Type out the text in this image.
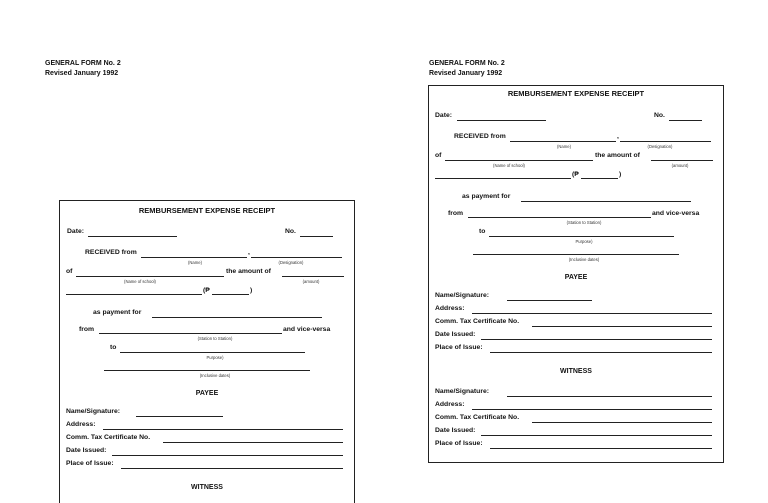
GENERAL FORM No. 2
Revised January 1992
REMBURSEMENT EXPENSE RECEIPT
Date:	No.
RECEIVED from	,
(Name)	(Designation)
of	the amount of
(Name of school)	(amount)
(₱	)
as payment for
from	and vice-versa
(Station to Station)
to
Purpose)
(Inclusive dates)
PAYEE
Name/Signature:
Address:
Comm. Tax Certificate No.
Date Issued:
Place of Issue:
WITNESS
GENERAL FORM No. 2
Revised January 1992
REMBURSEMENT EXPENSE RECEIPT
Date:	No.
RECEIVED from	,
(Name)	(Designation)
of	the amount of
(Name of school)	(amount)
(₱	)
as payment for
from	and vice-versa
(Station to Station)
to
Purpose)
(Inclusive dates)
PAYEE
Name/Signature:
Address:
Comm. Tax Certificate No.
Date Issued:
Place of Issue:
WITNESS
Name/Signature:
Address:
Comm. Tax Certificate No.
Date Issued:
Place of Issue:
